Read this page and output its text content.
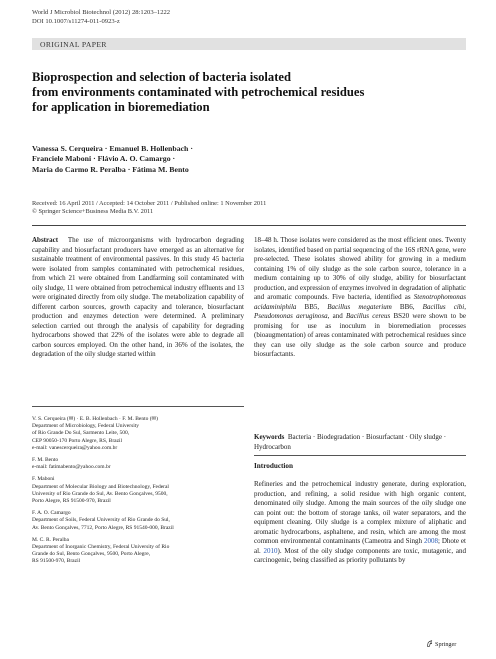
World J Microbiol Biotechnol (2012) 28:1203–1222
DOI 10.1007/s11274-011-0923-z
ORIGINAL PAPER
Bioprospection and selection of bacteria isolated
from environments contaminated with petrochemical residues
for application in bioremediation
Vanessa S. Cerqueira · Emanuel B. Hollenbach ·
Franciele Maboni · Flávio A. O. Camargo ·
Maria do Carmo R. Peralba · Fátima M. Bento
Received: 16 April 2011 / Accepted: 14 October 2011 / Published online: 1 November 2011
© Springer Science+Business Media B.V. 2011
Abstract The use of microorganisms with hydrocarbon degrading capability and biosurfactant producers have emerged as an alternative for sustainable treatment of environmental passives. In this study 45 bacteria were isolated from samples contaminated with petrochemical residues, from which 21 were obtained from Landfarming soil contaminated with oily sludge, 11 were obtained from petrochemical industry effluents and 13 were originated directly from oily sludge. The metabolization capability of different carbon sources, growth capacity and tolerance, biosurfactant production and enzymes detection were determined. A preliminary selection carried out through the analysis of capability for degrading hydrocarbons showed that 22% of the isolates were able to degrade all carbon sources employed. On the other hand, in 36% of the isolates, the degradation of the oily sludge started within
V. S. Cerqueira (✉) · E. B. Hollenbach · F. M. Bento (✉)
Department of Microbiology, Federal University
of Rio Grande Do Sul, Sarmento Leite, 500,
CEP 90050-170 Porto Alegre, RS, Brazil
e-mail: vanescerqueira@yahoo.com.br
F. M. Bento
e-mail: fatimabento@yahoo.com.br
F. Maboni
Department of Molecular Biology and Biotechnology, Federal
University of Rio Grande do Sul, Av. Bento Gonçalves, 9500,
Porto Alegre, RS 91500-970, Brazil
F. A. O. Camargo
Department of Soils, Federal University of Rio Grande do Sul,
Av. Bento Gonçalves, 7712, Porto Alegre, RS 91540-000, Brazil
M. C. R. Peralba
Department of Inorganic Chemistry, Federal University of Rio
Grande do Sul, Bento Gonçalves, 9500, Porto Alegre,
RS 91500-970, Brazil
18–48 h. Those isolates were considered as the most efficient ones. Twenty isolates, identified based on partial sequencing of the 16S rRNA gene, were pre-selected. These isolates showed ability for growing in a medium containing 1% of oily sludge as the sole carbon source, tolerance in a medium containing up to 30% of oily sludge, ability for biosurfactant production, and expression of enzymes involved in degradation of aliphatic and aromatic compounds. Five bacteria, identified as Stenotrophomonas acidaminiphila BB5, Bacillus megaterium BB6, Bacillus cibi, Pseudomonas aeruginosa, and Bacillus cereus BS20 were shown to be promising for use as inoculum in bioremediation processes (bioaugmentation) of areas contaminated with petrochemical residues since they can use oily sludge as the sole carbon source and produce biosurfactants.
Keywords Bacteria · Biodegradation · Biosurfactant · Oily sludge · Hydrocarbon
Introduction
Refineries and the petrochemical industry generate, during exploration, production, and refining, a solid residue with high organic content, denominated oily sludge. Among the main sources of the oily sludge one can point out: the bottom of storage tanks, oil water separators, and the equipment cleaning. Oily sludge is a complex mixture of aliphatic and aromatic hydrocarbons, asphaltene, and resin, which are among the most common environmental contaminants (Cameotra and Singh 2008; Dhote et al. 2010). Most of the oily sludge components are toxic, mutagenic, and carcinogenic, being classified as priority pollutants by
Springer
